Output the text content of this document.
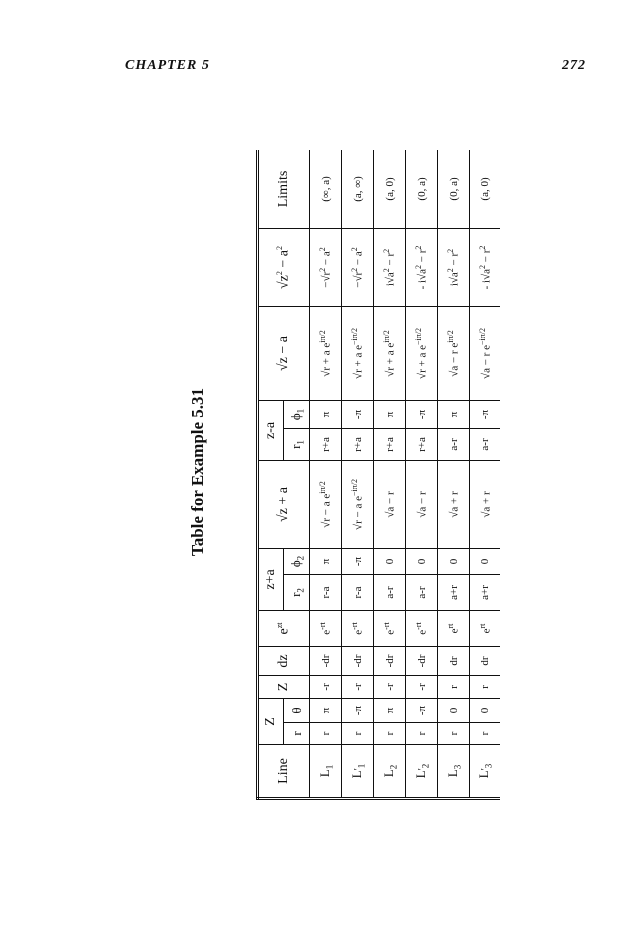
CHAPTER 5	272
Table for Example 5.31
Line	Z		Z	dz	$e^{zt}$	z+a		√z + a	z-a		√z − a	$√z^2 - a^2$	Limits
	r	θ				$r_2$	$\phi_2$		$r_1$	$\phi_1$
$L_1$	r	π	-r	-dr	$e^{-rt}$	r-a	π	√r − a $e^{i\pi/2}$	r+a	π	√r + a $e^{i\pi/2}$	$-√r^2 - a^2$	(∞, a)
$L'_1$	r	-π	-r	-dr	$e^{-rt}$	r-a	-π	√r − a $e^{-i\pi/2}$	r+a	-π	√r + a $e^{-i\pi/2}$	$-√r^2 - a^2$	(a, ∞)
$L_2$	r	π	-r	-dr	$e^{-rt}$	a-r	0	√a − r	r+a	π	√r + a $e^{i\pi/2}$	$i√a^2 - r^2$	(a, 0)
$L'_2$	r	-π	-r	-dr	$e^{-rt}$	a-r	0	√a − r	r+a	-π	√r + a $e^{-i\pi/2}$	- $i√a^2 - r^2$	(0, a)
$L_3$	r	0	r	dr	$e^{rt}$	a+r	0	√a + r	a-r	π	√a − r $e^{i\pi/2}$	$i√a^2 - r^2$	(0, a)
$L'_3$	r	0	r	dr	$e^{rt}$	a+r	0	√a + r	a-r	-π	√a − r $e^{-i\pi/2}$	- $i√a^2 - r^2$	(a, 0)
